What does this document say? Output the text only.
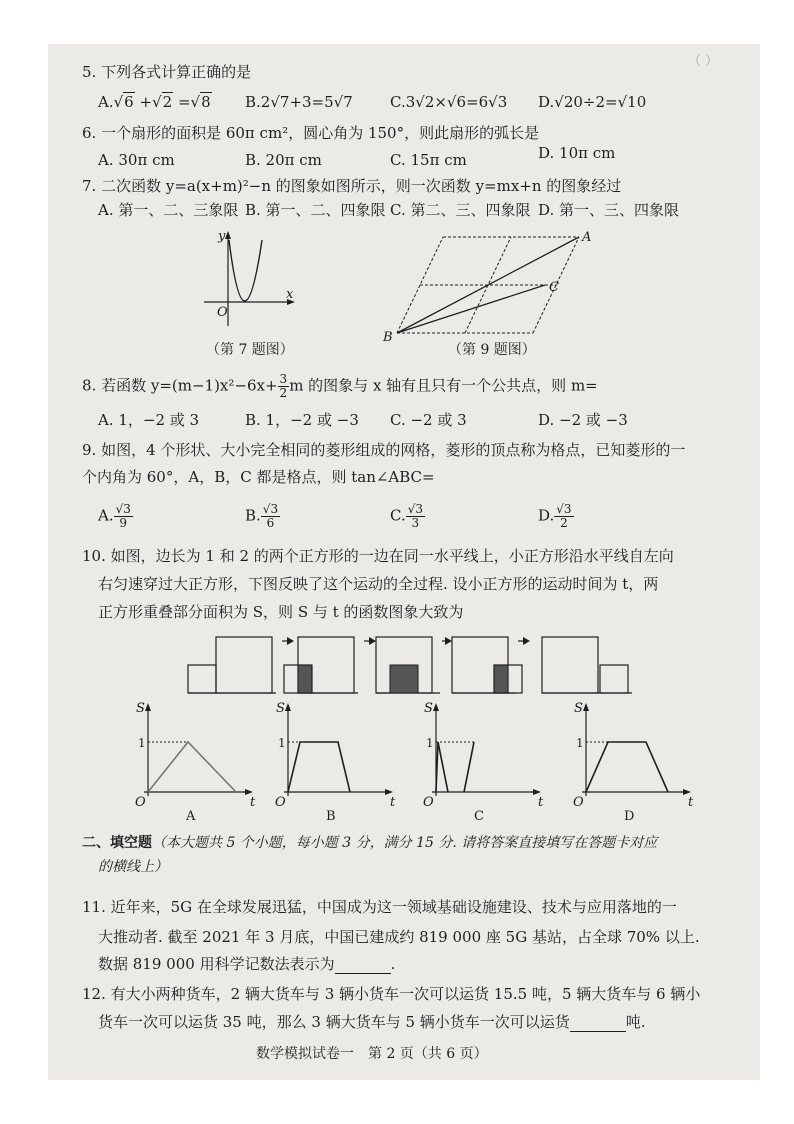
（ ）
5. 下列各式计算正确的是
A.√6 +√2 =√8 B.2√7+3=5√7 C.3√2×√6=6√3 D.√20÷2=√10
6. 一个扇形的面积是 60π cm²，圆心角为 150°，则此扇形的弧长是
A. 30π cm	B. 20π cm	C. 15π cm	D. 10π cm
7. 二次函数 y=a(x+m)²−n 的图象如图所示，则一次函数 y=mx+n 的图象经过
A. 第一、二、三象限 B. 第一、二、四象限 C. 第二、三、四象限 D. 第一、三、四象限
y
x
O
（第 7 题图）
A
B
C
（第 9 题图）
8. 若函数 $y=(m-1)x^2-6x+ \frac{3}{2}$ m 的图象与 x 轴有且只有一个公共点，则 m=
A. 1，−2 或 3	B. 1，−2 或 −3 C. −2 或 3	D. −2 或 −3
9. 如图，4 个形状、大小完全相同的菱形组成的网格，菱形的顶点称为格点，已知菱形的一
个内角为 60°，A，B，C 都是格点，则 tan∠ABC=
A. $\frac{√3}{9}$	B. $\frac{√3}{6}$	C. $\frac{√3}{3}$	D. $\frac{√3}{2}$
10. 如图，边长为 1 和 2 的两个正方形的一边在同一水平线上，小正方形沿水平线自左向
右匀速穿过大正方形，下图反映了这个运动的全过程. 设小正方形的运动时间为 t，两
正方形重叠部分面积为 S，则 S 与 t 的函数图象大致为
S
t
O
1
A
S
t
O
1
B
S
t
O
1
C
S
t
O
1
D
二、填空题（本大题共 5 个小题，每小题 3 分，满分 15 分. 请将答案直接填写在答题卡对应
的横线上）
11. 近年来，5G 在全球发展迅猛，中国成为这一领域基础设施建设、技术与应用落地的一
大推动者. 截至 2021 年 3 月底，中国已建成约 819 000 座 5G 基站，占全球 70% 以上.
数据 819 000 用科学记数法表示为	.
12. 有大小两种货车，2 辆大货车与 3 辆小货车一次可以运货 15.5 吨，5 辆大货车与 6 辆小
货车一次可以运货 35 吨，那么 3 辆大货车与 5 辆小货车一次可以运货	吨.
数学模拟试卷一　第 2 页（共 6 页）
